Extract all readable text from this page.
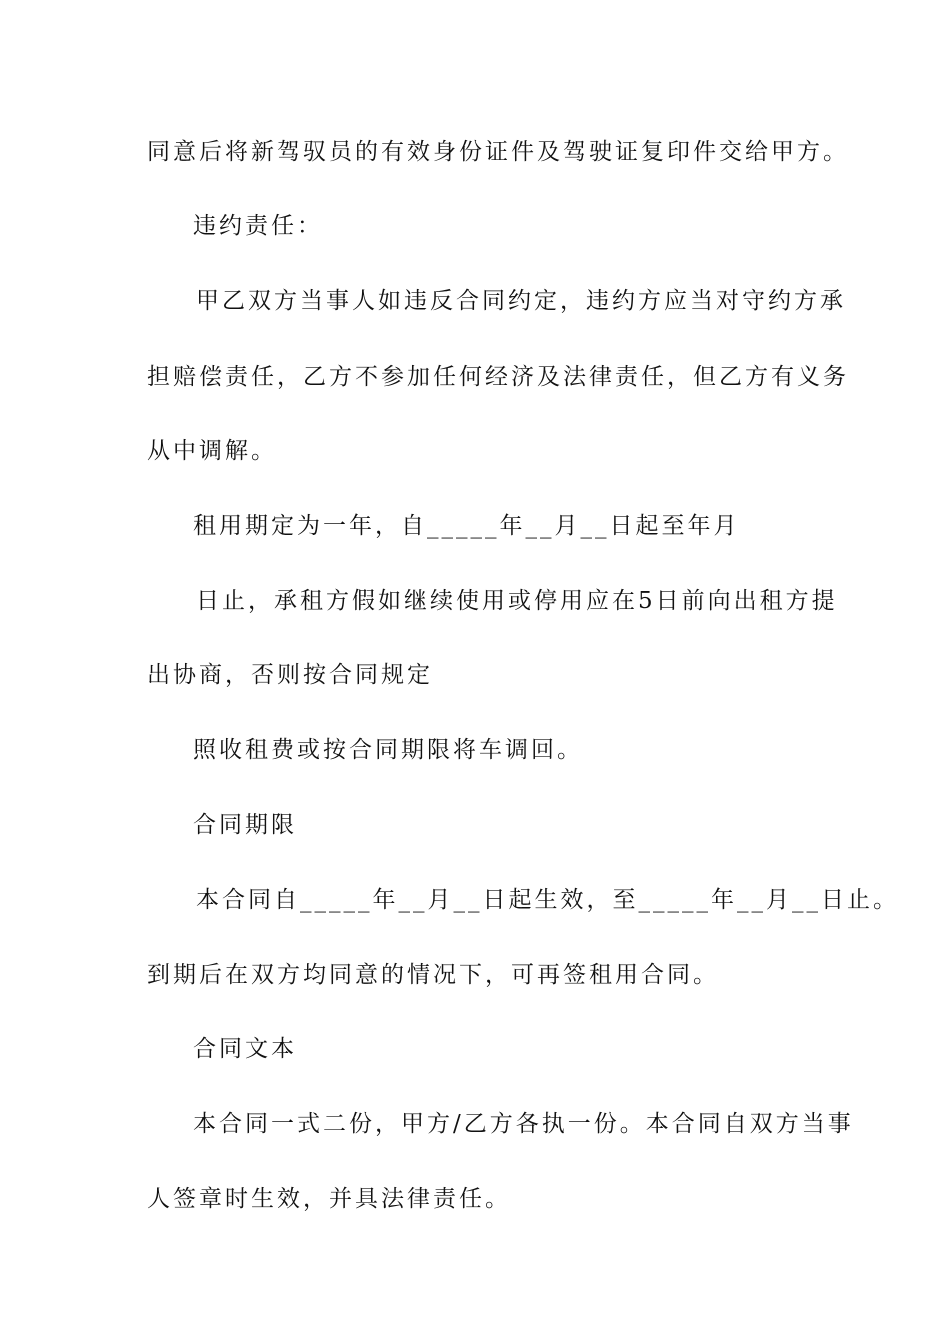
同意后将新驾驭员的有效身份证件及驾驶证复印件交给甲方。

违约责任：

甲乙双方当事人如违反合同约定，违约方应当对守约方承

担赔偿责任，乙方不参加任何经济及法律责任，但乙方有义务

从中调解。

租用期定为一年，自_____年__月__日起至年月

日止，承租方假如继续使用或停用应在5日前向出租方提

出协商，否则按合同规定

照收租费或按合同期限将车调回。

合同期限

本合同自_____年__月__日起生效，至_____年__月__日止。

到期后在双方均同意的情况下，可再签租用合同。

合同文本

本合同一式二份，甲方/乙方各执一份。本合同自双方当事

人签章时生效，并具法律责任。
